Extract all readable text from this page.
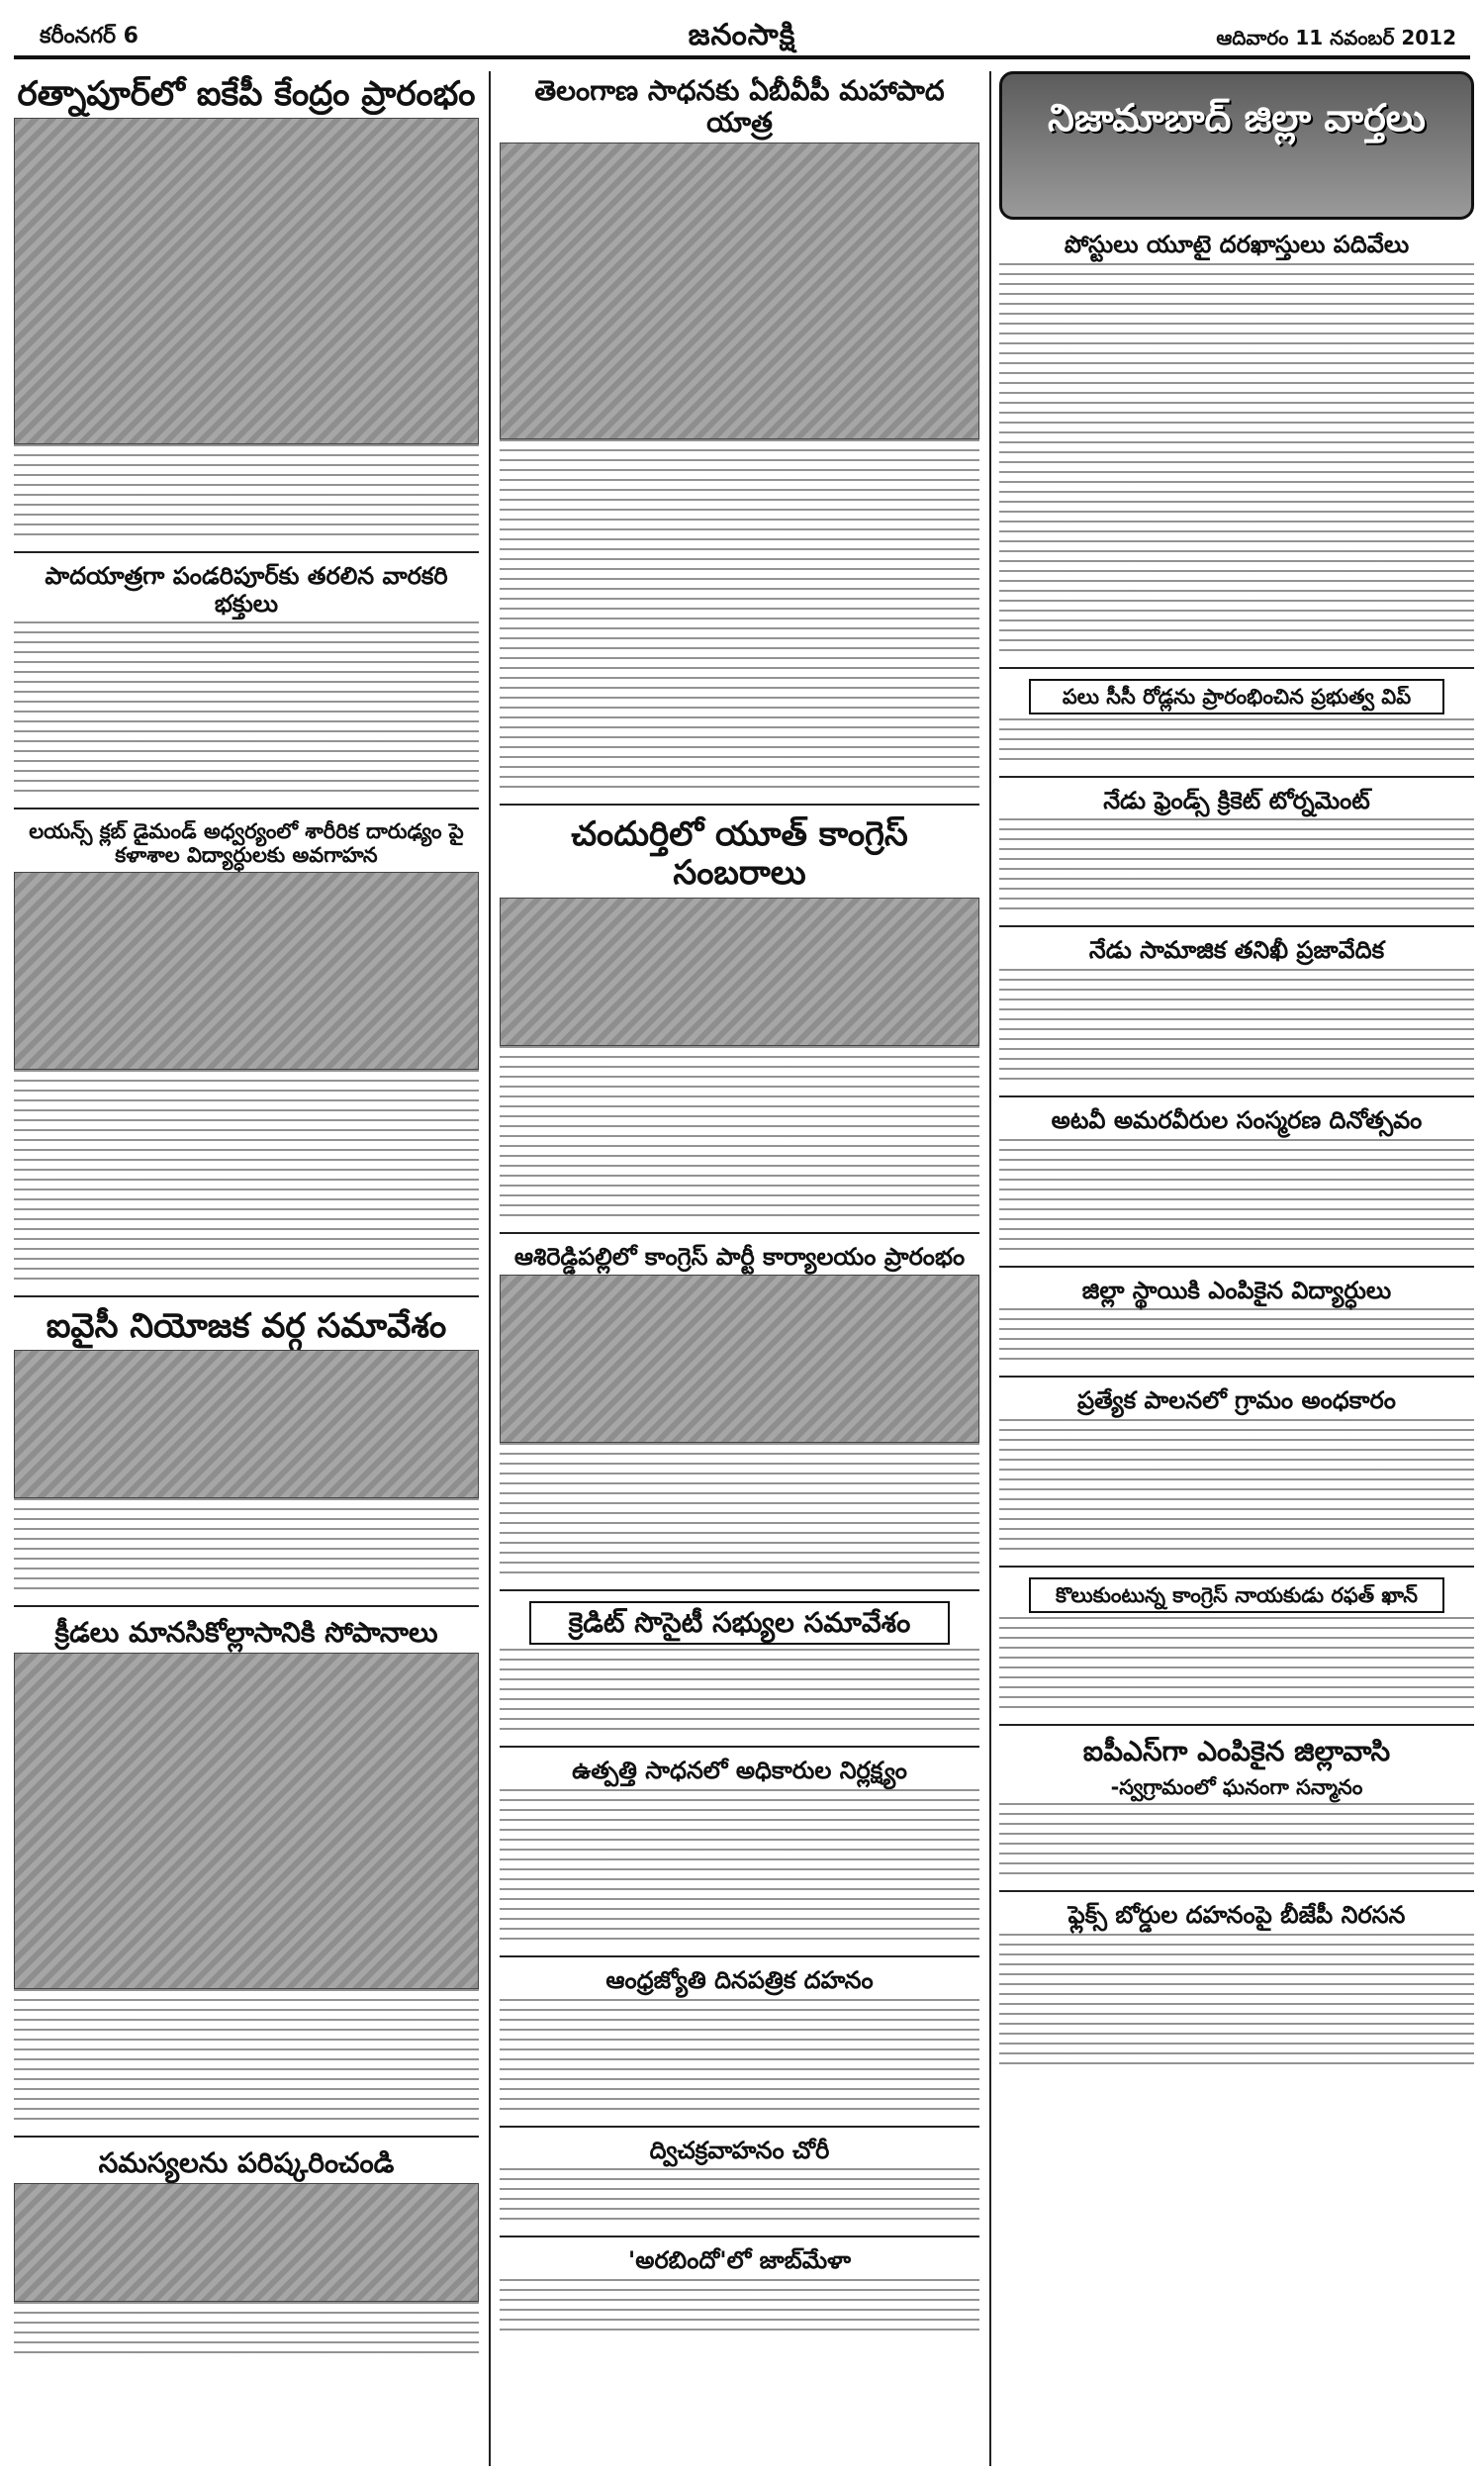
కరీంనగర్ 6	జనంసాక్షి	ఆదివారం 11 నవంబర్ 2012
రత్నాపూర్‌లో ఐకేపీ కేంద్రం ప్రారంభం
పాదయాత్రగా పండరిపూర్‌కు తరలిన వారకరి భక్తులు
లయన్స్ క్లబ్ డైమండ్ అధ్వర్యంలో శారీరిక దారుఢ్యం పై కళాశాల విద్యార్ధులకు అవగాహన
ఐవైసీ నియోజక వర్గ సమావేశం
క్రీడలు మానసికోల్లాసానికి సోపానాలు
సమస్యలను పరిష్కరించండి
తెలంగాణ సాధనకు ఏబీవీపీ మహాపాద యాత్ర
చందుర్తిలో యూత్ కాంగ్రెస్ సంబరాలు
ఆశిరెడ్డిపల్లిలో కాంగ్రెస్ పార్టీ కార్యాలయం ప్రారంభం
క్రెడిట్ సొసైటీ సభ్యుల సమావేశం
ఉత్పత్తి సాధనలో అధికారుల నిర్లక్ష్యం
ఆంధ్రజ్యోతి దినపత్రిక దహనం
ద్విచక్రవాహనం చోరీ
'అరబిందో'లో జాబ్‌మేళా
నిజామాబాద్ జిల్లా వార్తలు
పోస్టులు యూటై దరఖాస్తులు పదివేలు
పలు సీసీ రోడ్లను ప్రారంభించిన ప్రభుత్వ విప్
నేడు ఫ్రెండ్స్ క్రికెట్ టోర్నమెంట్
నేడు సామాజిక తనిఖీ ప్రజావేదిక
అటవీ అమరవీరుల సంస్మరణ దినోత్సవం
జిల్లా స్థాయికి ఎంపికైన విద్యార్ధులు
ప్రత్యేక పాలనలో గ్రామం అంధకారం
కొలుకుంటున్న కాంగ్రెస్ నాయకుడు రఫత్ ఖాన్
ఐపీఎస్‌గా ఎంపికైన జిల్లావాసి
-స్వగ్రామంలో ఘనంగా సన్మానం
ఫ్లెక్స్ బోర్డుల దహనంపై బీజేపీ నిరసన
